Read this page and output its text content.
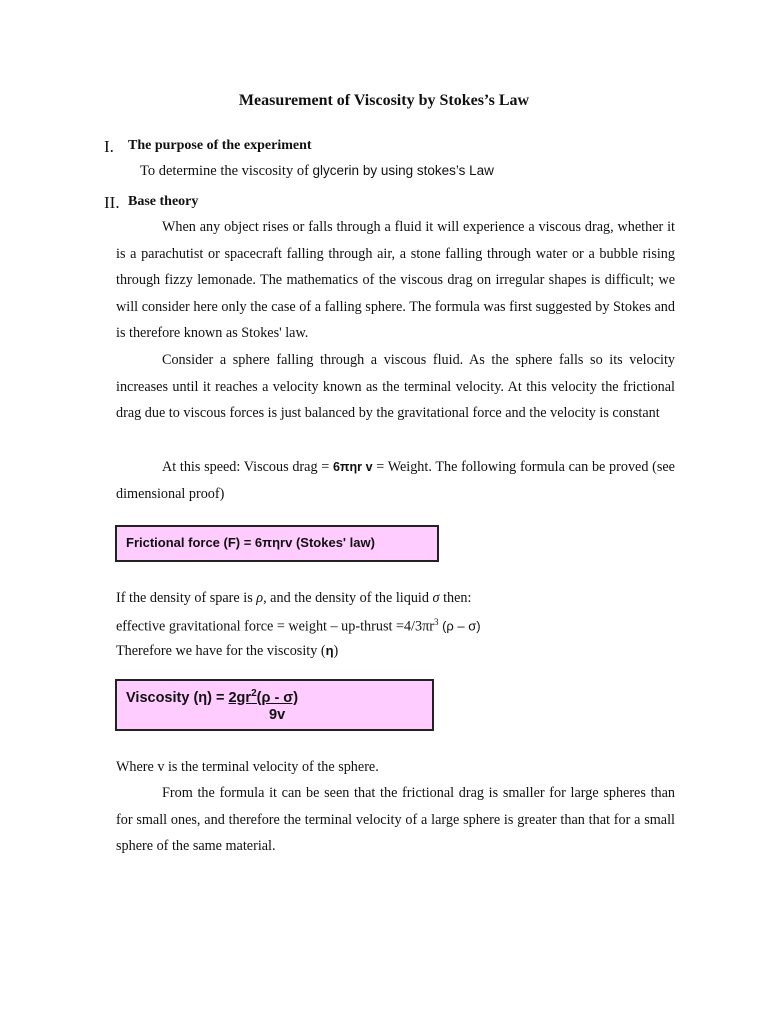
Measurement of Viscosity by Stokes’s Law
I. The purpose of the experiment
To determine the viscosity of glycerin by using stokes’s Law
II. Base theory

When any object rises or falls through a fluid it will experience a viscous drag, whether it is a parachutist or spacecraft falling through air, a stone falling through water or a bubble rising through fizzy lemonade. The mathematics of the viscous drag on irregular shapes is difficult; we will consider here only the case of a falling sphere. The formula was first suggested by Stokes and is therefore known as Stokes' law.

Consider a sphere falling through a viscous fluid. As the sphere falls so its velocity increases until it reaches a velocity known as the terminal velocity. At this velocity the frictional drag due to viscous forces is just balanced by the gravitational force and the velocity is constant

At this speed: Viscous drag = 6πηr v = Weight. The following formula can be proved (see dimensional proof)

Frictional force (F) = 6πηrv (Stokes' law)
If the density of spare is ρ, and the density of the liquid σ then:
effective gravitational force = weight – up-thrust $=4/3\pi r^3$ (ρ – σ)
Therefore we have for the viscosity (η)
Viscosity $(\eta) = 2gr^2(\rho - \sigma)$
9v
Where v is the terminal velocity of the sphere.

From the formula it can be seen that the frictional drag is smaller for large spheres than for small ones, and therefore the terminal velocity of a large sphere is greater than that for a small sphere of the same material.
